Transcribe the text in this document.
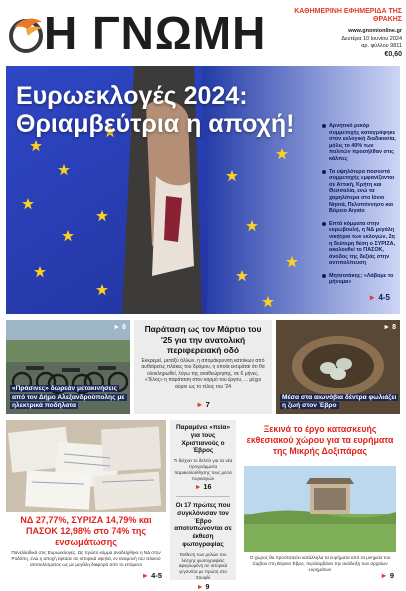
Η ΓΝΩΜΗ	ΚΑΘΗΜΕΡΙΝΗ ΕΦΗΜΕΡΙΔΑ ΤΗΣ ΘΡΑΚΗΣ
www.gnomionline.gr
Δευτέρα 10 Ιουνίου 2024
αρ. φύλλου 9811
€0,60
Ευρωεκλογές 2024:
Θριαμβεύτρια η αποχή!	Αρνητικό ρεκόρ συμμετοχής καταγράφηκε στον εκλογική διαδικασία, μόλις το 40% των πολιτών προσήλθαν στις κάλπες
Τα υψηλότερα ποσοστά συμμετοχής εμφανίζονται σε Αττική, Κρήτη και Θεσσαλία, ενώ τα χαμηλότερα στο Ιόνιο Νησιά, Πελοπόννησο και Βόρειο Αιγαίο
Επτά κόμματα στην ευρωβουλή, η ΝΔ μεγάλη νικήτρια των εκλογών, 2η η δεύτερη θέση ο ΣΥΡΙΖΑ, ακολουθεί το ΠΑΣΟΚ, άνοδος της δεξιάς στην αντιπολίτευση
Μητσοτάκης: «Λάβαμε το μήνυμα»
► 4-5
► 6
«Πράσινες» δωρεάν μετακινήσεις από τον Δήμο Αλεξανδρούπολης με ηλεκτρικά ποδήλατα
Παράταση ως τον Μάρτιο του '25 για την ανατολική περιφερειακή οδό
Εκκρεμεί, μεταξύ άλλων, η απομάκρυνση κατοίκων από αυθαίρετες πλάκες του δρόμου, η οποία εκτιμάται ότι θα ολοκληρωθεί, λόγω της αναθεώρησης, σε 6 μήνες. «Τέλος» η παράταση στον κορμό του έργου, ... μέχρι αύριο ως το τέλος του '24
► 7
► 8
Μέσα στα αιωνόβια δέντρα φωλιάζει η ζωή στον Έβρο
ΝΔ 27,77%, ΣΥΡΙΖΑ 14,79% και ΠΑΣΟΚ 12,98% στο 74% της ενσωμάτωσης
Πανελλαδικά στις Ευρωεκλογές. Ως πρώτο κόμμα αναδείχθηκε η ΝΔ στην Ροδόπη, ενώ η αποχή έφτασε σε ιστορικά υψηλά, εν αναμονή του τελικού αποτελέσματος ως με μεγάλη διαφορά από το επόμενο
► 4-5
Παραμένει «πεία» για τους Χριστιανούς ο Έβρος
Τι δείχνει το δελτίο για τα νέα προγράμματα παρακολούθησης τους μέσα πυρκαγιών
► 16
Οι 17 πρώτες που συγκλόνισαν τον Έβρο αποτυπώνονται σε έκθεση φωτογραφίας
Έκθεση των μελών του λέσχης φωτογραφίας αφιερωμένη σε ιστορικά γεγονότα με πρώτη στο Σουφλί
► 9
Ξεκινά το έργο κατασκευής εκθεσιακού χώρου για τα ευρήματα της Μικρής Δοξιπάρας
Ο χώρος θα προστατεύει κατάλληλα τα ευρήματα από τα μνημεία του τύμβου στη Βόρεια Έβρο, περιλαμβάνει την ανάδειξη των αρχαίων ευρημάτων
► 9
